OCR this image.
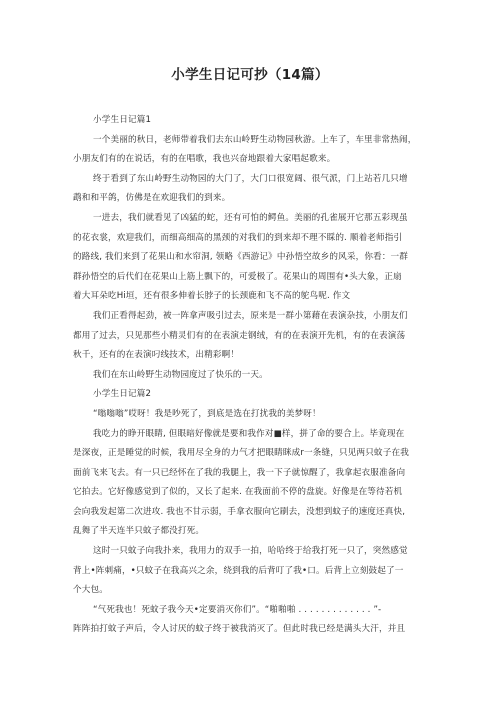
小学生日记可抄（14篇）
小学生日记篇1
一个美丽的秋日，老师带着我们去东山岭野生动物园秋游。上车了，车里非常热闹，
小朋友们有的在说话，有的在唱歌，我也兴奋地跟着大家唱起歌来。
终于看到了东山岭野生动物园的大门了，大门口很宽阔、很气派，门上站若几只增
鹉和和平鸽，仿佛是在欢迎我们的到来。
一进去，我们就看见了凶猛的蛇，还有可怕的鳄鱼。美丽的孔雀展开它那五彩现虽
的花衣裳，欢迎我们，而细高细高的黑颈的对我们的到来却不理不睬的. 顺着老师指引
的路线, 我们来到了花果山和水帘洞, 领略《西游记》中孙悟空故乡的风采，你看：一群
群孙悟空的后代们在花果山上筋上飘下的，可爱极了。花果山的周围有•头大象，正扇
着大耳朵吃Hi垣，还有很多伸着长脖子的长颈鹿和飞不高的鸵鸟呢. 作文
我们正看得起劲，被一阵拿声吸引过去，原来是一群小第藉在表演杂技，小朋友们
都用了过去，只见那些小精灵们有的在表演走钢绒，有的在表演开先机，有的在表演荡
秋千，还有的在表演叼线技术，出精彩啊！
我们在东山岭野生动物园度过了快乐的一天。
小学生日记篇2
“嗡嗡嗡”哎呀！我是吵死了，到底是选在打扰我的美梦呀！
我吃力的睁开眼睛, 但眼暗好像就是要和我作对■样，拼了命的要合上。毕竟现在
是深夜，正是睡觉的时候，我用尽全身的力气才把眼睛眯成r一条缝，只见两只蚊子在我
面前飞来飞去。有一只已经怀在了我的我腿上，我一下子就惊醒了，我拿起衣服准备向
它拍去。它好像感觉到了似的，又长了起来. 在我面前不停的盘旋。好像是在等待若机
会向我发起第二次进攻. 我也不甘示弱，手拿衣服向它刷去，没想到蚊子的速度还真快,
乱舞了半天连半只蚊子都没打死。
这时一只蚊子向我扑来，我用力的双手一拍，哈哈终于给我打死一只了，突然感觉
背上•阵刺痛，•只蚊子在我高兴之余，绕到我的后背叮了我•口。后背上立刻鼓起了一
个大包。
“气死我也！死蚊子我今天•定要消灭你们”。“啪啪啪 . . . . . . . . . . . . . ”-
阵阵拍打蚊子声后，令人讨厌的蚊子终于被我消灭了。但此时我已经是满头大汗，并且
